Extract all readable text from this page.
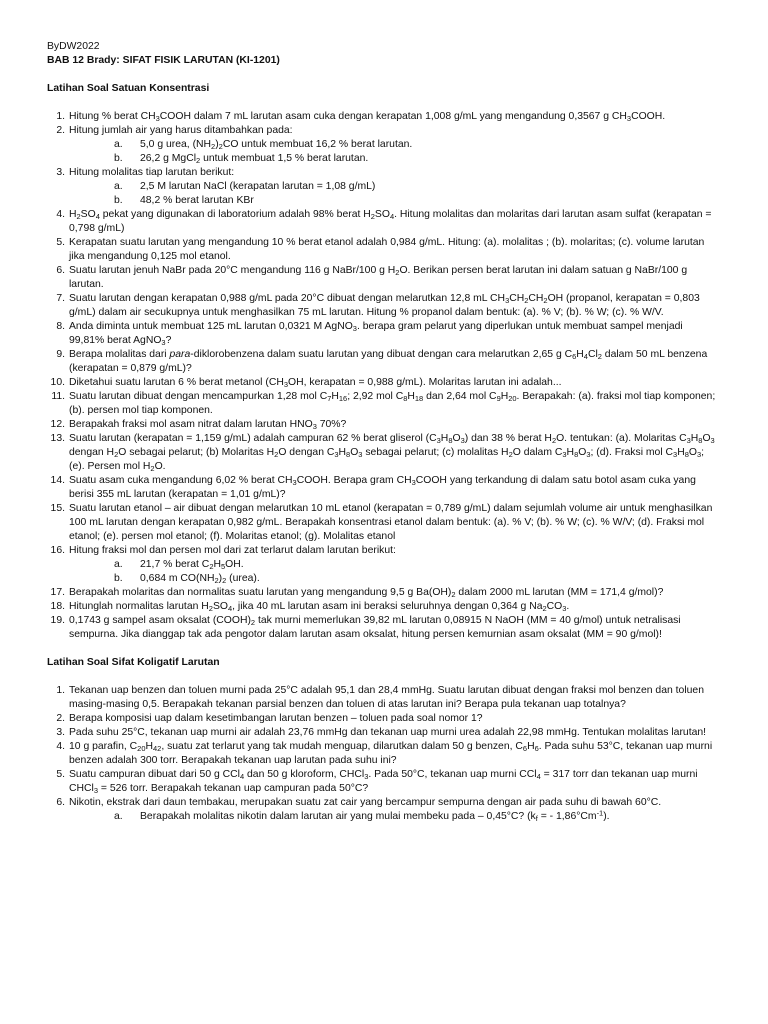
ByDW2022
BAB 12 Brady: SIFAT FISIK LARUTAN (KI-1201)
Latihan Soal Satuan Konsentrasi
1. Hitung % berat $CH_3COOH$ dalam 7 mL larutan asam cuka dengan kerapatan 1,008 g/mL yang mengandung 0,3567 g $CH_3COOH$.
2. Hitung jumlah air yang harus ditambahkan pada:
a. 5,0 g urea, $(NH_2)_2CO$ untuk membuat 16,2 % berat larutan.
b. 26,2 g MgCl$_2$ untuk membuat 1,5 % berat larutan.
3. Hitung molalitas tiap larutan berikut:
a. 2,5 M larutan NaCl (kerapatan larutan = 1,08 g/mL)
b. 48,2 % berat larutan KBr
4. $H_2SO_4$ pekat yang digunakan di laboratorium adalah 98% berat $H_2SO_4$. Hitung molalitas dan molaritas dari larutan asam sulfat (kerapatan = 0,798 g/mL)
5. Kerapatan suatu larutan yang mengandung 10 % berat etanol adalah 0,984 g/mL. Hitung: (a). molalitas ; (b). molaritas; (c). volume larutan jika mengandung 0,125 mol etanol.
6. Suatu larutan jenuh NaBr pada 20°C mengandung 116 g NaBr/100 g $H_2O$. Berikan persen berat larutan ini dalam satuan g NaBr/100 g larutan.
7. Suatu larutan dengan kerapatan 0,988 g/mL pada 20°C dibuat dengan melarutkan 12,8 mL $CH_3CH_2CH_2OH$ (propanol, kerapatan = 0,803 g/mL) dalam air secukupnya untuk menghasilkan 75 mL larutan. Hitung % propanol dalam bentuk: (a). % V; (b). % W; (c). % W/V.
8. Anda diminta untuk membuat 125 mL larutan 0,0321 M AgNO$_3$. berapa gram pelarut yang diperlukan untuk membuat sampel menjadi 99,81% berat AgNO$_3$?
9. Berapa molalitas dari para-diklorobenzena dalam suatu larutan yang dibuat dengan cara melarutkan 2,65 g $C_6H_4Cl_2$ dalam 50 mL benzena (kerapatan = 0,879 g/mL)?
10. Diketahui suatu larutan 6 % berat metanol ($CH_3OH$, kerapatan = 0,988 g/mL). Molaritas larutan ini adalah...
11. Suatu larutan dibuat dengan mencampurkan 1,28 mol $C_7H_{16}$; 2,92 mol $C_8H_{18}$ dan 2,64 mol $C_9H_{20}$. Berapakah: (a). fraksi mol tiap komponen; (b). persen mol tiap komponen.
12. Berapakah fraksi mol asam nitrat dalam larutan $HNO_3$ 70%?
13. Suatu larutan (kerapatan = 1,159 g/mL) adalah campuran 62 % berat gliserol $(C_3H_8O_3)$ dan 38 % berat $H_2O$. tentukan: (a). Molaritas $C_3H_8O_3$ dengan $H_2O$ sebagai pelarut; (b) Molaritas $H_2O$ dengan $C_3H_8O_3$ sebagai pelarut; (c) molalitas $H_2O$ dalam $C_3H_8O_3$; (d). Fraksi mol $C_3H_8O_3$; (e). Persen mol $H_2O$.
14. Suatu asam cuka mengandung 6,02 % berat $CH_3COOH$. Berapa gram $CH_3COOH$ yang terkandung di dalam satu botol asam cuka yang berisi 355 mL larutan (kerapatan = 1,01 g/mL)?
15. Suatu larutan etanol – air dibuat dengan melarutkan 10 mL etanol (kerapatan = 0,789 g/mL) dalam sejumlah volume air untuk menghasilkan 100 mL larutan dengan kerapatan 0,982 g/mL. Berapakah konsentrasi etanol dalam bentuk: (a). % V; (b). % W; (c). % W/V; (d). Fraksi mol etanol; (e). persen mol etanol; (f). Molaritas etanol; (g). Molalitas etanol
16. Hitung fraksi mol dan persen mol dari zat terlarut dalam larutan berikut:
a. 21,7 % berat $C_2H_5OH$.
b. 0,684 m $CO(NH_2)_2$ (urea).
17. Berapakah molaritas dan normalitas suatu larutan yang mengandung 9,5 g $Ba(OH)_2$ dalam 2000 mL larutan (MM = 171,4 g/mol)?
18. Hitunglah normalitas larutan $H_2SO_4$, jika 40 mL larutan asam ini beraksi seluruhnya dengan 0,364 g $Na_2CO_3$.
19. 0,1743 g sampel asam oksalat $(COOH)_2$ tak murni memerlukan 39,82 mL larutan 0,08915 N NaOH (MM = 40 g/mol) untuk netralisasi sempurna. Jika dianggap tak ada pengotor dalam larutan asam oksalat, hitung persen kemurnian asam oksalat (MM = 90 g/mol)!
Latihan Soal Sifat Koligatif Larutan
1. Tekanan uap benzen dan toluen murni pada 25°C adalah 95,1 dan 28,4 mmHg. Suatu larutan dibuat dengan fraksi mol benzen dan toluen masing-masing 0,5. Berapakah tekanan parsial benzen dan toluen di atas larutan ini? Berapa pula tekanan uap totalnya?
2. Berapa komposisi uap dalam kesetimbangan larutan benzen – toluen pada soal nomor 1?
3. Pada suhu 25°C, tekanan uap murni air adalah 23,76 mmHg dan tekanan uap murni urea adalah 22,98 mmHg. Tentukan molalitas larutan!
4. 10 g parafin, $C_{20}H_{42}$, suatu zat terlarut yang tak mudah menguap, dilarutkan dalam 50 g benzen, $C_6H_6$. Pada suhu 53°C, tekanan uap murni benzen adalah 300 torr. Berapakah tekanan uap larutan pada suhu ini?
5. Suatu campuran dibuat dari 50 g CCl$_4$ dan 50 g kloroform, CHCl$_3$. Pada 50°C, tekanan uap murni CCl$_4$ = 317 torr dan tekanan uap murni CHCl$_3$ = 526 torr. Berapakah tekanan uap campuran pada 50°C?
6. Nikotin, ekstrak dari daun tembakau, merupakan suatu zat cair yang bercampur sempurna dengan air pada suhu di bawah 60°C.
a. Berapakah molalitas nikotin dalam larutan air yang mulai membeku pada – 0,45°C? ($k_f$ = - $1,86^\circ Cm^{-1}$).
